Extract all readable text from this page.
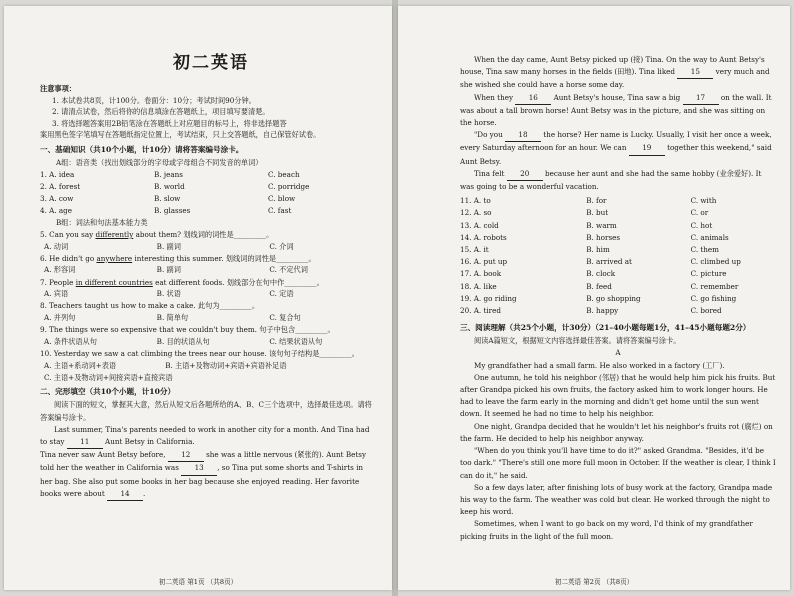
初二英语
注意事项：
1. 本试卷共8页，计100分。卷面分：10分；考试时间90分钟。
2. 请清点试卷，然后将你的信息填涂在答题纸上，项目填写要清楚。
3. 将选择题答案用2B铅笔涂在答题纸上对应题目的标号上，将非选择题答
案用黑色签字笔填写在答题纸指定位置上，考试结束，只上交答题纸，自己保管好试卷。
一、基础知识（共10个小题，计10分）请将答案编号涂卡。
A组：语音类（找出划线部分的字母或字母组合不同发音的单词）
1. A. idea	B. jeans	C. beach
2. A. forest	B. world	C. porridge
3. A. cow	B. slow	C. blow
4. A. age	B. glasses	C. fast
B组：词法和句法基本能力类
5. Can you say differently about them? 划线词的词性是_________。
A. 动词	B. 副词	C. 介词
6. He didn't go anywhere interesting this summer. 划线词的词性是_________。
A. 形容词	B. 副词	C. 不定代词
7. People in different countries eat different foods. 划线部分在句中作_________。
A. 宾语	B. 状语	C. 定语
8. Teachers taught us how to make a cake. 此句为_________。
A. 并列句	B. 简单句	C. 复合句
9. The things were so expensive that we couldn't buy them. 句子中包含_________。
A. 条件状语从句	B. 目的状语从句	C. 结果状语从句
10. Yesterday we saw a cat climbing the trees near our house. 该句句子结构是_________。
A. 主语+系动词+表语	B. 主语+及物动词+宾语+宾语补足语
C. 主语+及物动词+间接宾语+直接宾语
二、完形填空（共10个小题，计10分）
阅读下面的短文，掌握其大意，然后从短文后各题所给的A、B、C三个选项中，选择最佳选项。请将答案编号涂卡。
Last summer, Tina's parents needed to work in another city for a month. And Tina had to stay 11 Aunt Betsy in California.
Tina never saw Aunt Betsy before, 12 she was a little nervous (紧张的). Aunt Betsy told her the weather in California was 13 , so Tina put some shorts and T-shirts in her bag. She also put some books in her bag because she enjoyed reading. Her favorite books were about 14 .
初二英语 第1页 （共8页）
When the day came, Aunt Betsy picked up (接) Tina. On the way to Aunt Betsy's house, Tina saw many horses in the fields (田地). Tina liked 15 very much and she wished she could have a horse some day.
When they 16 Aunt Betsy's house, Tina saw a big 17 on the wall. It was about a tall brown horse! Aunt Betsy was in the picture, and she was sitting on the horse.
"Do you 18 the horse? Her name is Lucky. Usually, I visit her once a week, every Saturday afternoon for an hour. We can 19 together this weekend," said Aunt Betsy.
Tina felt 20 because her aunt and she had the same hobby (业余爱好). It was going to be a wonderful vacation.
11. A. to	B. for	C. with
12. A. so	B. but	C. or
13. A. cold	B. warm	C. hot
14. A. robots	B. horses	C. animals
15. A. it	B. him	C. them
16. A. put up	B. arrived at	C. climbed up
17. A. book	B. clock	C. picture
18. A. like	B. feed	C. remember
19. A. go riding	B. go shopping	C. go fishing
20. A. tired	B. happy	C. bored
三、阅读理解（共25个小题，计30分）（21–40小题每题1分，41–45小题每题2分）
阅读A篇短文，根据短文内容选择最佳答案。请将答案编号涂卡。
A
My grandfather had a small farm. He also worked in a factory (工厂).
One autumn, he told his neighbor (邻居) that he would help him pick his fruits. But after Grandpa picked his own fruits, the factory asked him to work longer hours. He had to leave the farm early in the morning and didn't get home until the sun went down. It seemed he had no time to help his neighbor.
One night, Grandpa decided that he wouldn't let his neighbor's fruits rot (腐烂) on the farm. He decided to help his neighbor anyway.
"When do you think you'll have time to do it?" asked Grandma. "Besides, it'd be too dark." "There's still one more full moon in October. If the weather is clear, I think I can do it," he said.
So a few days later, after finishing lots of busy work at the factory, Grandpa made his way to the farm. The weather was cold but clear. He worked through the night to keep his word.
Sometimes, when I want to go back on my word, I'd think of my grandfather picking fruits in the light of the full moon.
初二英语 第2页 （共8页）
